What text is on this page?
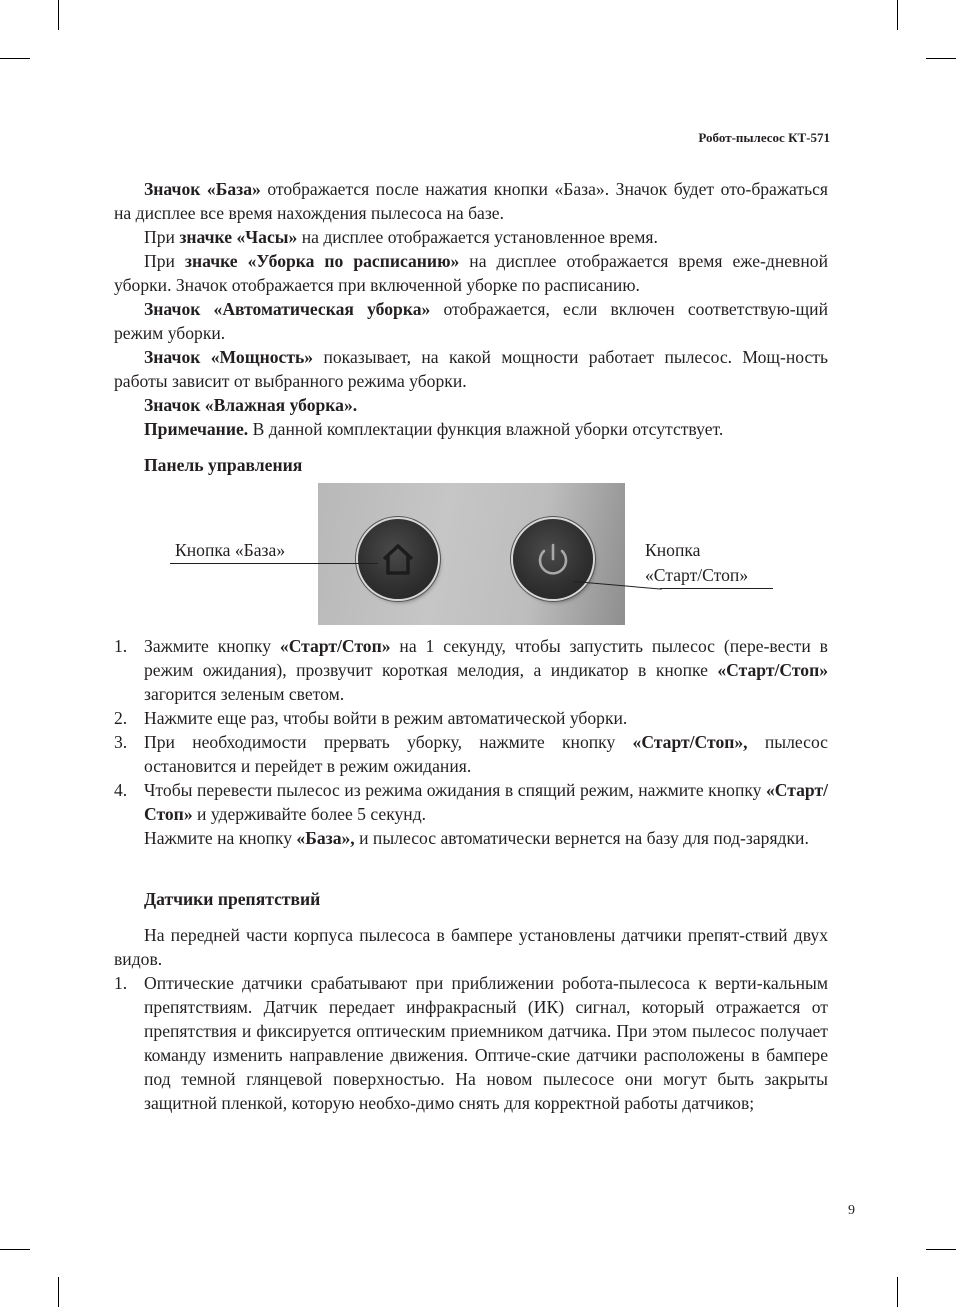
Робот-пылесос КТ-571

Значок «База» отображается после нажатия кнопки «База». Значок будет ото-бражаться на дисплее все время нахождения пылесоса на базе.

При значке «Часы» на дисплее отображается установленное время.

При значке «Уборка по расписанию» на дисплее отображается время еже-дневной уборки. Значок отображается при включенной уборке по расписанию.

Значок «Автоматическая уборка» отображается, если включен соответствую-щий режим уборки.

Значок «Мощность» показывает, на какой мощности работает пылесос. Мощ-ность работы зависит от выбранного режима уборки.

Значок «Влажная уборка».

Примечание. В данной комплектации функция влажной уборки отсутствует.

Панель управления

Кнопка «База»	Кнопка
«Старт/Стоп»
1. Зажмите кнопку «Старт/Стоп» на 1 секунду, чтобы запустить пылесос (пере-вести в режим ожидания), прозвучит короткая мелодия, а индикатор в кнопке «Старт/Стоп» загорится зеленым светом.
2. Нажмите еще раз, чтобы войти в режим автоматической уборки.
3. При необходимости прервать уборку, нажмите кнопку «Старт/Стоп», пылесос остановится и перейдет в режим ожидания.
4. Чтобы перевести пылесос из режима ожидания в спящий режим, нажмите кнопку «Старт/Стоп» и удерживайте более 5 секунд.

Нажмите на кнопку «База», и пылесос автоматически вернется на базу для под-зарядки.

Датчики препятствий

На передней части корпуса пылесоса в бампере установлены датчики препят-ствий двух видов.

1. Оптические датчики срабатывают при приближении робота-пылесоса к верти-кальным препятствиям. Датчик передает инфракрасный (ИК) сигнал, который отражается от препятствия и фиксируется оптическим приемником датчика. При этом пылесос получает команду изменить направление движения. Оптиче-ские датчики расположены в бампере под темной глянцевой поверхностью. На новом пылесосе они могут быть закрыты защитной пленкой, которую необхо-димо снять для корректной работы датчиков;
9
